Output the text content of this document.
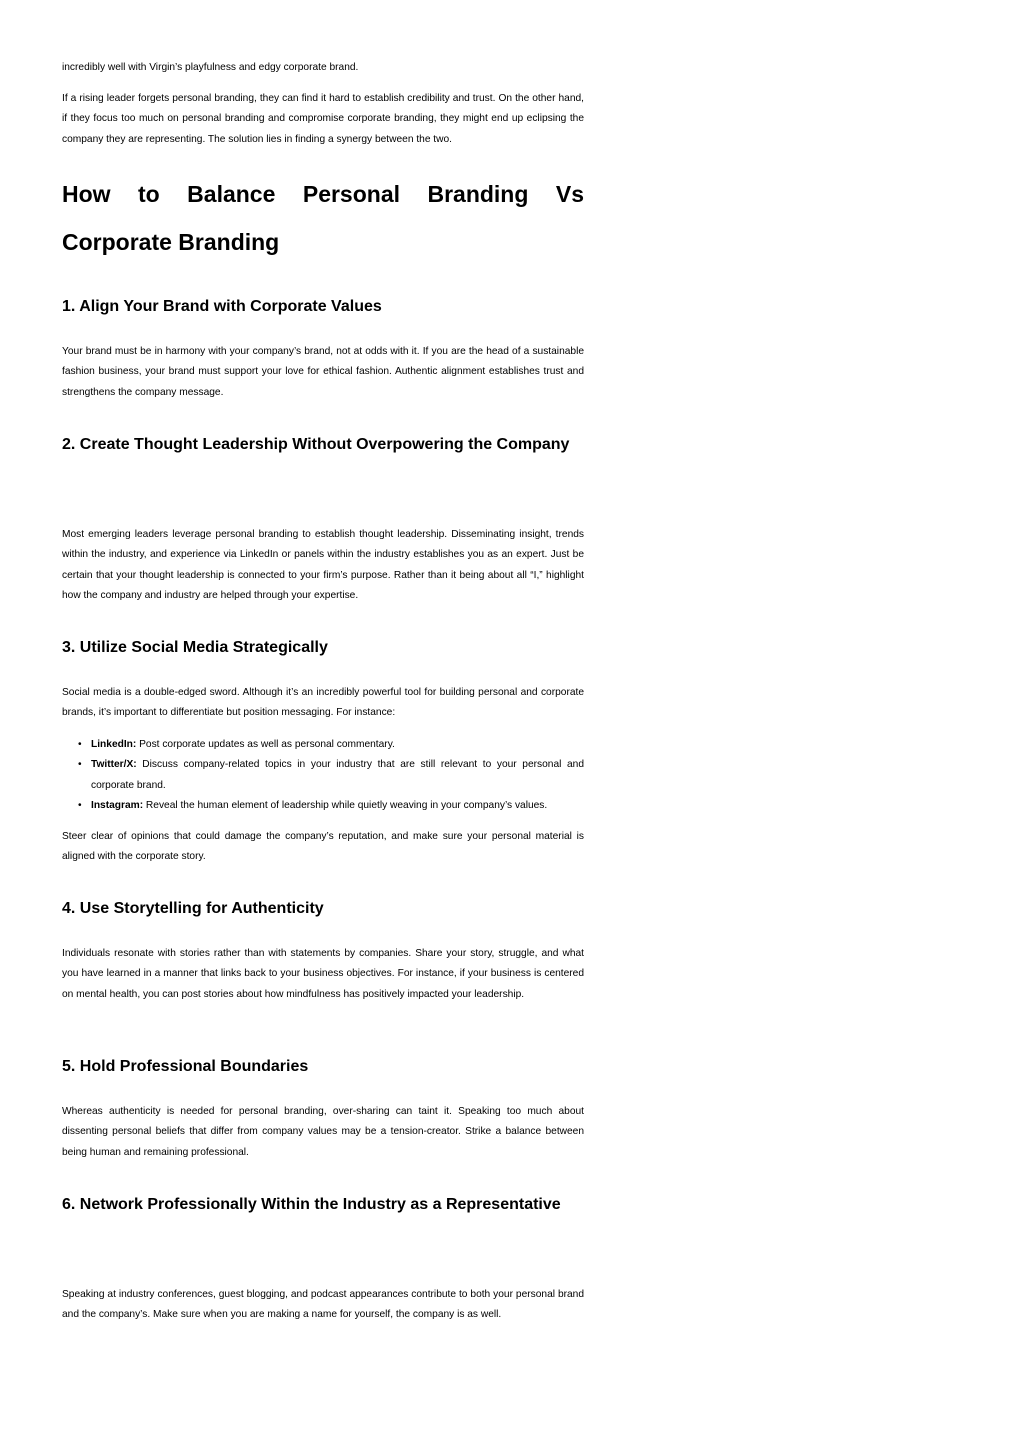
incredibly well with Virgin’s playfulness and edgy corporate brand.

If a rising leader forgets personal branding, they can find it hard to establish credibility and trust. On the other hand, if they focus too much on personal branding and compromise corporate branding, they might end up eclipsing the company they are representing. The solution lies in finding a synergy between the two.

How to Balance Personal Branding Vs Corporate Branding
1. Align Your Brand with Corporate Values

Your brand must be in harmony with your company’s brand, not at odds with it. If you are the head of a sustainable fashion business, your brand must support your love for ethical fashion. Authentic alignment establishes trust and strengthens the company message.

2. Create Thought Leadership Without Overpowering the Company

Most emerging leaders leverage personal branding to establish thought leadership. Disseminating insight, trends within the industry, and experience via LinkedIn or panels within the industry establishes you as an expert. Just be certain that your thought leadership is connected to your firm’s purpose. Rather than it being about all “I,” highlight how the company and industry are helped through your expertise.

3. Utilize Social Media Strategically

Social media is a double-edged sword. Although it’s an incredibly powerful tool for building personal and corporate brands, it’s important to differentiate but position messaging. For instance:

• LinkedIn: Post corporate updates as well as personal commentary.
• Twitter/X: Discuss company-related topics in your industry that are still relevant to your personal and corporate brand.
• Instagram: Reveal the human element of leadership while quietly weaving in your company’s values.

Steer clear of opinions that could damage the company’s reputation, and make sure your personal material is aligned with the corporate story.

4. Use Storytelling for Authenticity

Individuals resonate with stories rather than with statements by companies. Share your story, struggle, and what you have learned in a manner that links back to your business objectives. For instance, if your business is centered on mental health, you can post stories about how mindfulness has positively impacted your leadership.

5. Hold Professional Boundaries

Whereas authenticity is needed for personal branding, over-sharing can taint it. Speaking too much about dissenting personal beliefs that differ from company values may be a tension-creator. Strike a balance between being human and remaining professional.

6. Network Professionally Within the Industry as a Representative

Speaking at industry conferences, guest blogging, and podcast appearances contribute to both your personal brand and the company’s. Make sure when you are making a name for yourself, the company is as well.
